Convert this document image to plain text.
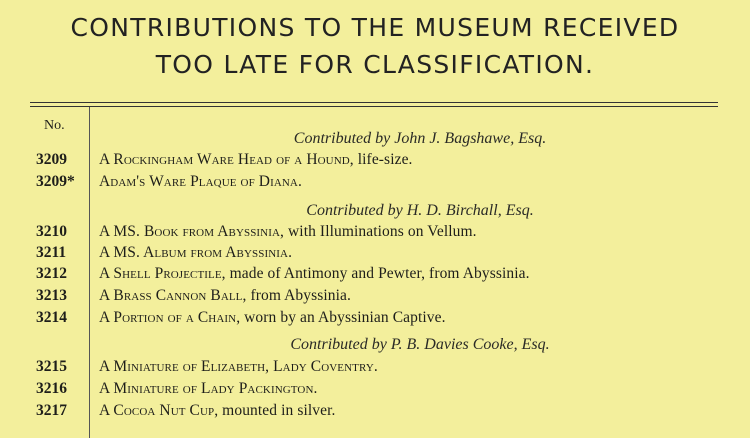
CONTRIBUTIONS TO THE MUSEUM RECEIVED
TOO LATE FOR CLASSIFICATION.
No.
Contributed by John J. Bagshawe, Esq.
3209 A Rockingham Ware Head of a Hound, life-size.
3209* Adam's Ware Plaque of Diana.
Contributed by H. D. Birchall, Esq.
3210 A MS. Book from Abyssinia, with Illuminations on Vellum.
3211 A MS. Album from Abyssinia.
3212 A Shell Projectile, made of Antimony and Pewter, from Abyssinia.
3213 A Brass Cannon Ball, from Abyssinia.
3214 A Portion of a Chain, worn by an Abyssinian Captive.
Contributed by P. B. Davies Cooke, Esq.
3215 A Miniature of Elizabeth, Lady Coventry.
3216 A Miniature of Lady Packington.
3217 A Cocoa Nut Cup, mounted in silver.
